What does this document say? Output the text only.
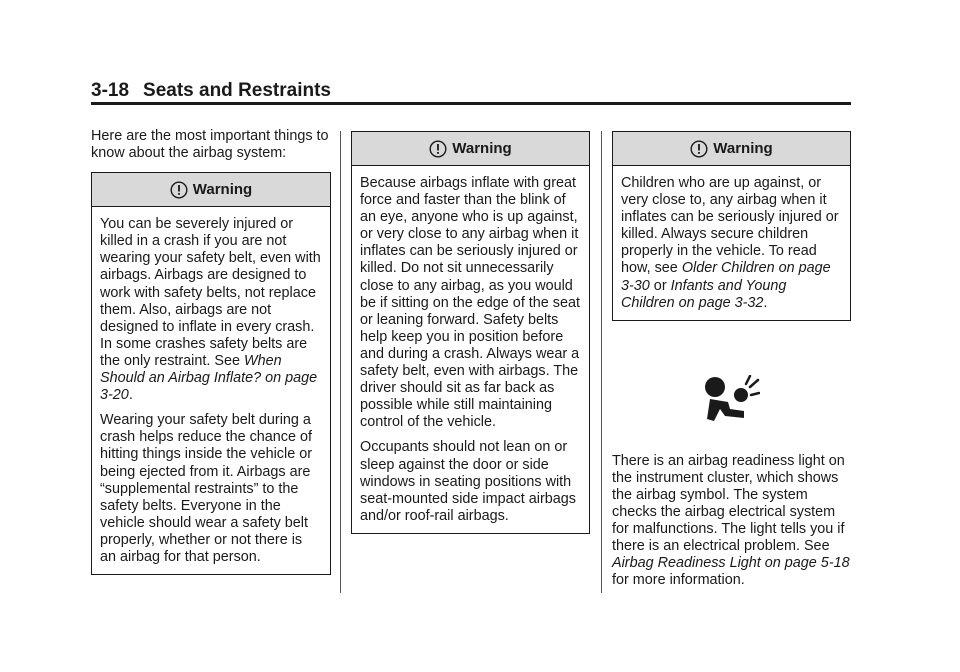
3-18 Seats and Restraints

Here are the most important things to know about the airbag system:

Warning

You can be severely injured or killed in a crash if you are not wearing your safety belt, even with airbags. Airbags are designed to work with safety belts, not replace them. Also, airbags are not designed to inflate in every crash. In some crashes safety belts are the only restraint. See When Should an Airbag Inflate? on page 3-20.

Wearing your safety belt during a crash helps reduce the chance of hitting things inside the vehicle or being ejected from it. Airbags are “supplemental restraints” to the safety belts. Everyone in the vehicle should wear a safety belt properly, whether or not there is an airbag for that person.

Warning

Because airbags inflate with great force and faster than the blink of an eye, anyone who is up against, or very close to any airbag when it inflates can be seriously injured or killed. Do not sit unnecessarily close to any airbag, as you would be if sitting on the edge of the seat or leaning forward. Safety belts help keep you in position before and during a crash. Always wear a safety belt, even with airbags. The driver should sit as far back as possible while still maintaining control of the vehicle.

Occupants should not lean on or sleep against the door or side windows in seating positions with seat-mounted side impact airbags and/or roof-rail airbags.

Warning

Children who are up against, or very close to, any airbag when it inflates can be seriously injured or killed. Always secure children properly in the vehicle. To read how, see Older Children on page 3-30 or Infants and Young Children on page 3-32.

There is an airbag readiness light on the instrument cluster, which shows the airbag symbol. The system checks the airbag electrical system for malfunctions. The light tells you if there is an electrical problem. See Airbag Readiness Light on page 5-18 for more information.
